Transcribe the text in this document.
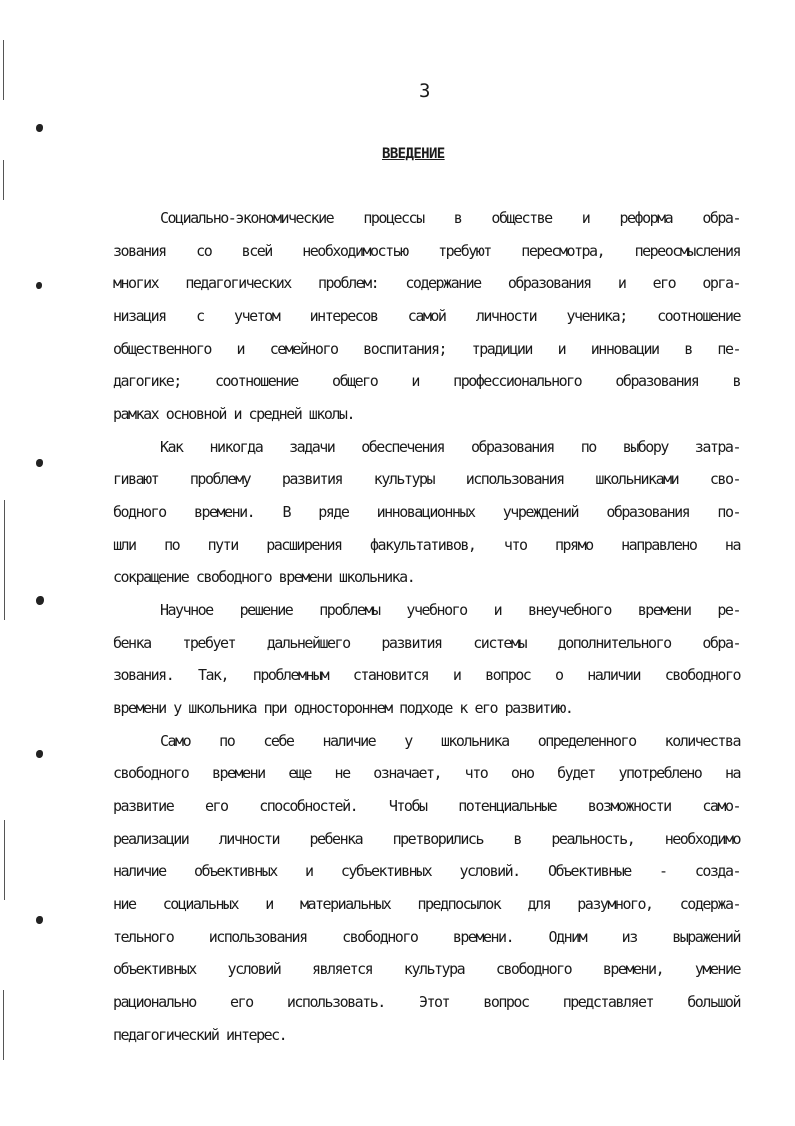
3
ВВЕДЕНИЕ
Социально-экономические процессы в обществе и реформа обра-
зования со всей необходимостью требуют пересмотра, переосмысления
многих педагогических проблем: содержание образования и его орга-
низация с учетом интересов самой личности ученика; соотношение
общественного и семейного воспитания; традиции и инновации в пе-
дагогике; соотношение общего и профессионального образования в
рамках основной и средней школы.
Как никогда задачи обеспечения образования по выбору затра-
гивают проблему развития культуры использования школьниками сво-
бодного времени. В ряде инновационных учреждений образования по-
шли по пути расширения факультативов, что прямо направлено на
сокращение свободного времени школьника.
Научное решение проблемы учебного и внеучебного времени ре-
бенка требует дальнейшего развития системы дополнительного обра-
зования. Так, проблемным становится и вопрос о наличии свободного
времени у школьника при одностороннем подходе к его развитию.
Само по себе наличие у школьника определенного количества
свободного времени еще не означает, что оно будет употреблено на
развитие его способностей. Чтобы потенциальные возможности само-
реализации личности ребенка претворились в реальность, необходимо
наличие объективных и субъективных условий. Объективные - созда-
ние социальных и материальных предпосылок для разумного, содержа-
тельного использования свободного времени. Одним из выражений
объективных условий является культура свободного времени, умение
рационально его использовать. Этот вопрос представляет большой
педагогический интерес.
